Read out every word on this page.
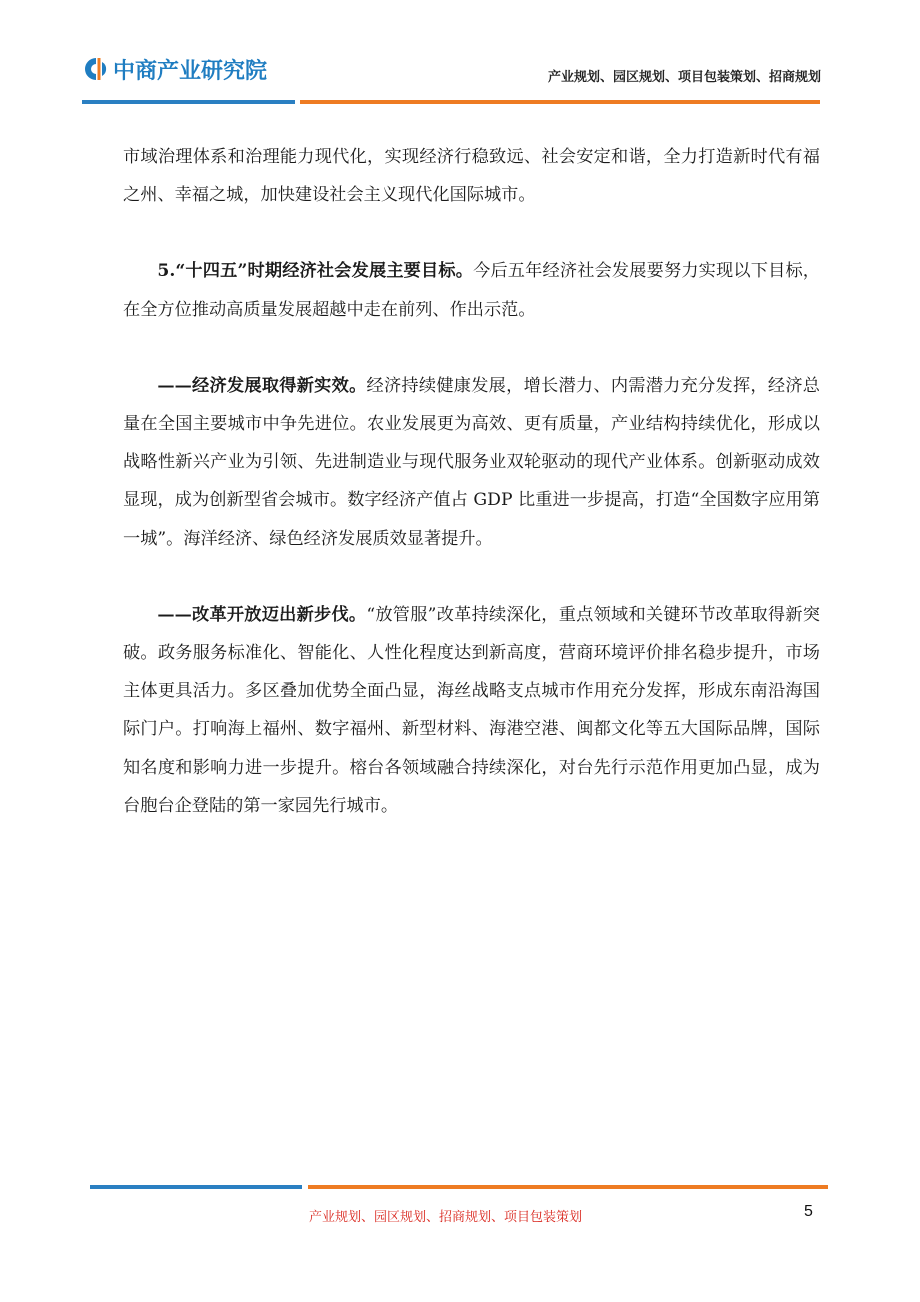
中商产业研究院	产业规划、园区规划、项目包装策划、招商规划

市域治理体系和治理能力现代化，实现经济行稳致远、社会安定和谐，全力打造新时代有福之州、幸福之城，加快建设社会主义现代化国际城市。

5.“十四五”时期经济社会发展主要目标。今后五年经济社会发展要努力实现以下目标，在全方位推动高质量发展超越中走在前列、作出示范。

——经济发展取得新实效。经济持续健康发展，增长潜力、内需潜力充分发挥，经济总量在全国主要城市中争先进位。农业发展更为高效、更有质量，产业结构持续优化，形成以战略性新兴产业为引领、先进制造业与现代服务业双轮驱动的现代产业体系。创新驱动成效显现，成为创新型省会城市。数字经济产值占 GDP 比重进一步提高，打造“全国数字应用第一城”。海洋经济、绿色经济发展质效显著提升。

——改革开放迈出新步伐。“放管服”改革持续深化，重点领域和关键环节改革取得新突破。政务服务标准化、智能化、人性化程度达到新高度，营商环境评价排名稳步提升，市场主体更具活力。多区叠加优势全面凸显，海丝战略支点城市作用充分发挥，形成东南沿海国际门户。打响海上福州、数字福州、新型材料、海港空港、闽都文化等五大国际品牌，国际知名度和影响力进一步提升。榕台各领域融合持续深化，对台先行示范作用更加凸显，成为台胞台企登陆的第一家园先行城市。

产业规划、园区规划、招商规划、项目包装策划	5
